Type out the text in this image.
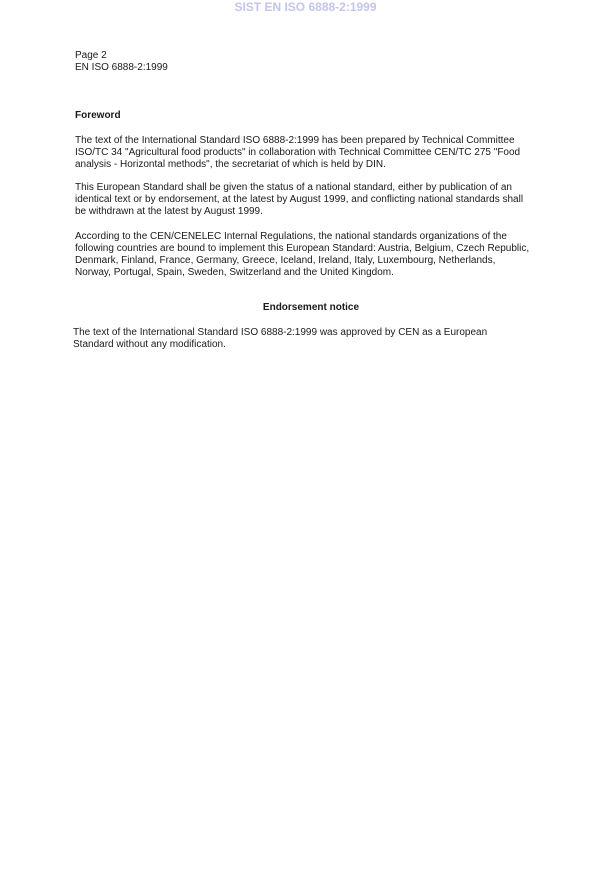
SIST EN ISO 6888-2:1999
Page 2
EN ISO 6888-2:1999
Foreword
The text of the International Standard ISO 6888-2:1999 has been prepared by Technical Committee
ISO/TC 34 "Agricultural food products" in collaboration with Technical Committee CEN/TC 275 "Food
analysis - Horizontal methods", the secretariat of which is held by DIN.
This European Standard shall be given the status of a national standard, either by publication of an
identical text or by endorsement, at the latest by August 1999, and conflicting national standards shall
be withdrawn at the latest by August 1999.
According to the CEN/CENELEC Internal Regulations, the national standards organizations of the
following countries are bound to implement this European Standard: Austria, Belgium, Czech Republic,
Denmark, Finland, France, Germany, Greece, Iceland, Ireland, Italy, Luxembourg, Netherlands,
Norway, Portugal, Spain, Sweden, Switzerland and the United Kingdom.
Endorsement notice
The text of the International Standard ISO 6888-2:1999 was approved by CEN as a European
Standard without any modification.
